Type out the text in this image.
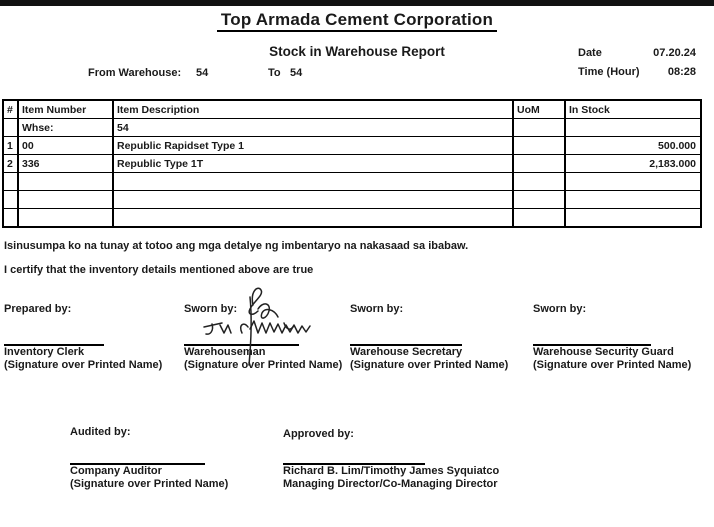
Top Armada Cement Corporation
Stock in Warehouse Report	Date	07.20.24
Time (Hour)	08:28
From Warehouse: 54	To 54
#	Item Number	Item Description	UoM	In Stock
	Whse:	54		
1	00	Republic Rapidset Type 1		500.000
2	336	Republic Type 1T		2,183.000

Isinusumpa ko na tunay at totoo ang mga detalye ng imbentaryo na nakasaad sa ibabaw.
I certify that the inventory details mentioned above are true
Prepared by:
Inventory Clerk
(Signature over Printed Name)
Sworn by:
Warehouseman
(Signature over Printed Name)
Sworn by:
Warehouse Secretary
(Signature over Printed Name)
Sworn by:
Warehouse Security Guard
(Signature over Printed Name)
Audited by:
Company Auditor
(Signature over Printed Name)
Approved by:
Richard B. Lim/Timothy James Syquiatco
Managing Director/Co-Managing Director
